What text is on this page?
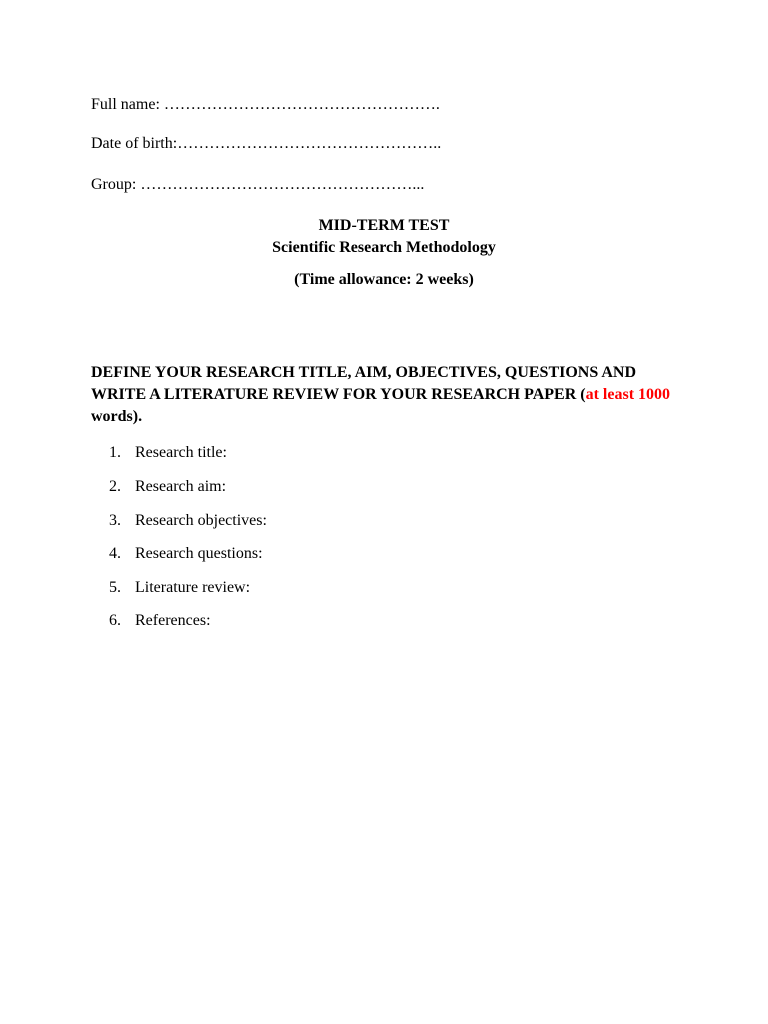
Full name: …………………………………………….
Date of birth:…………………………………………..
Group: ……………………………………………...
MID-TERM TEST
Scientific Research Methodology
(Time allowance: 2 weeks)
DEFINE YOUR RESEARCH TITLE, AIM, OBJECTIVES, QUESTIONS AND WRITE A LITERATURE REVIEW FOR YOUR RESEARCH PAPER (at least 1000 words).
1. Research title:
2. Research aim:
3. Research objectives:
4. Research questions:
5. Literature review:
6. References:
